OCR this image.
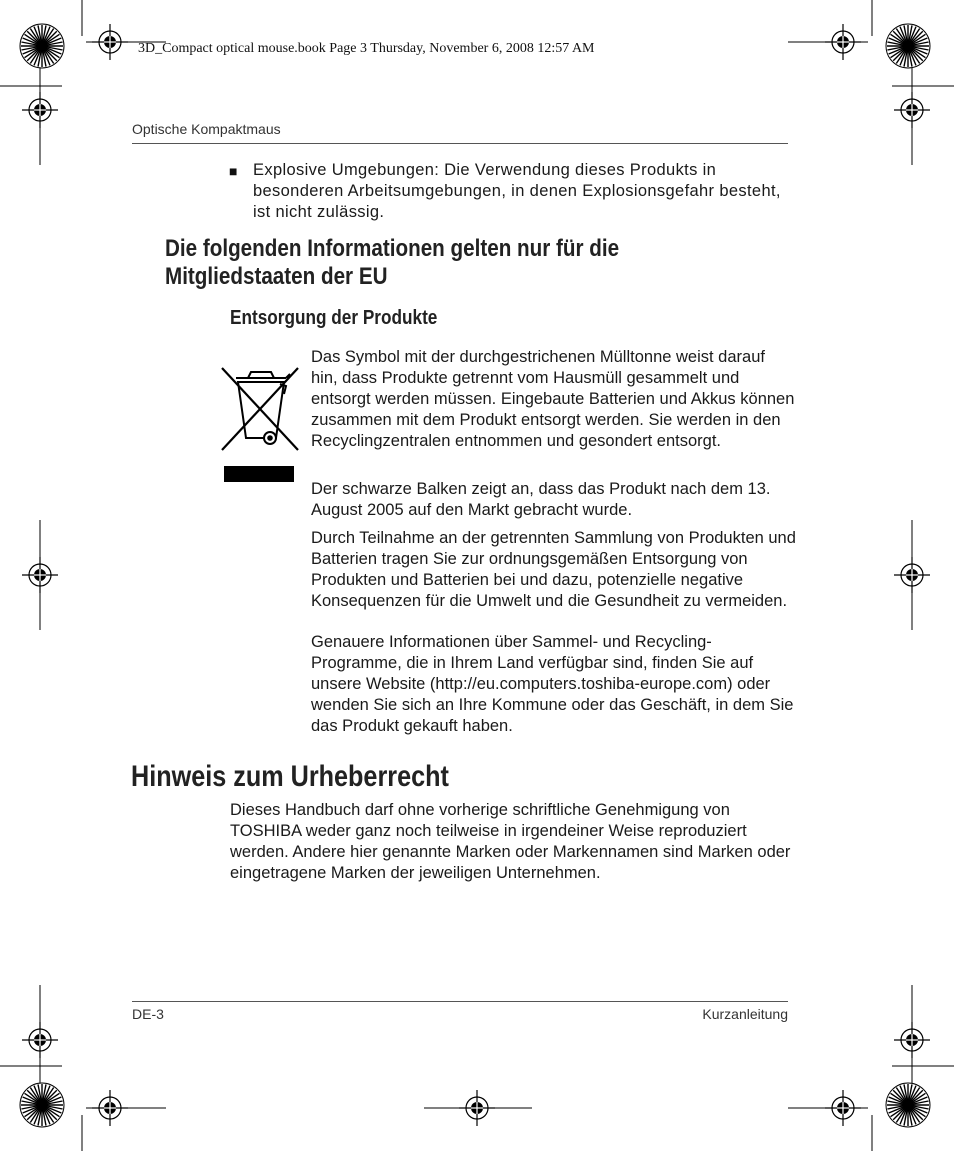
3D_Compact optical mouse.book Page 3 Thursday, November 6, 2008 12:57 AM
Optische Kompaktmaus
■ Explosive Umgebungen: Die Verwendung dieses Produkts in besonderen Arbeitsumgebungen, in denen Explosionsgefahr besteht, ist nicht zulässig.
Die folgenden Informationen gelten nur für die Mitgliedstaaten der EU
Entsorgung der Produkte
Das Symbol mit der durchgestrichenen Mülltonne weist darauf hin, dass Produkte getrennt vom Hausmüll gesammelt und entsorgt werden müssen. Eingebaute Batterien und Akkus können zusammen mit dem Produkt entsorgt werden. Sie werden in den Recyclingzentralen entnommen und gesondert entsorgt.
Der schwarze Balken zeigt an, dass das Produkt nach dem 13. August 2005 auf den Markt gebracht wurde.
Durch Teilnahme an der getrennten Sammlung von Produkten und Batterien tragen Sie zur ordnungsgemäßen Entsorgung von Produkten und Batterien bei und dazu, potenzielle negative Konsequenzen für die Umwelt und die Gesundheit zu vermeiden.
Genauere Informationen über Sammel- und Recycling-Programme, die in Ihrem Land verfügbar sind, finden Sie auf unsere Website (http://eu.computers.toshiba-europe.com) oder wenden Sie sich an Ihre Kommune oder das Geschäft, in dem Sie das Produkt gekauft haben.
Hinweis zum Urheberrecht
Dieses Handbuch darf ohne vorherige schriftliche Genehmigung von TOSHIBA weder ganz noch teilweise in irgendeiner Weise reproduziert werden. Andere hier genannte Marken oder Markennamen sind Marken oder eingetragene Marken der jeweiligen Unternehmen.
DE-3	Kurzanleitung
